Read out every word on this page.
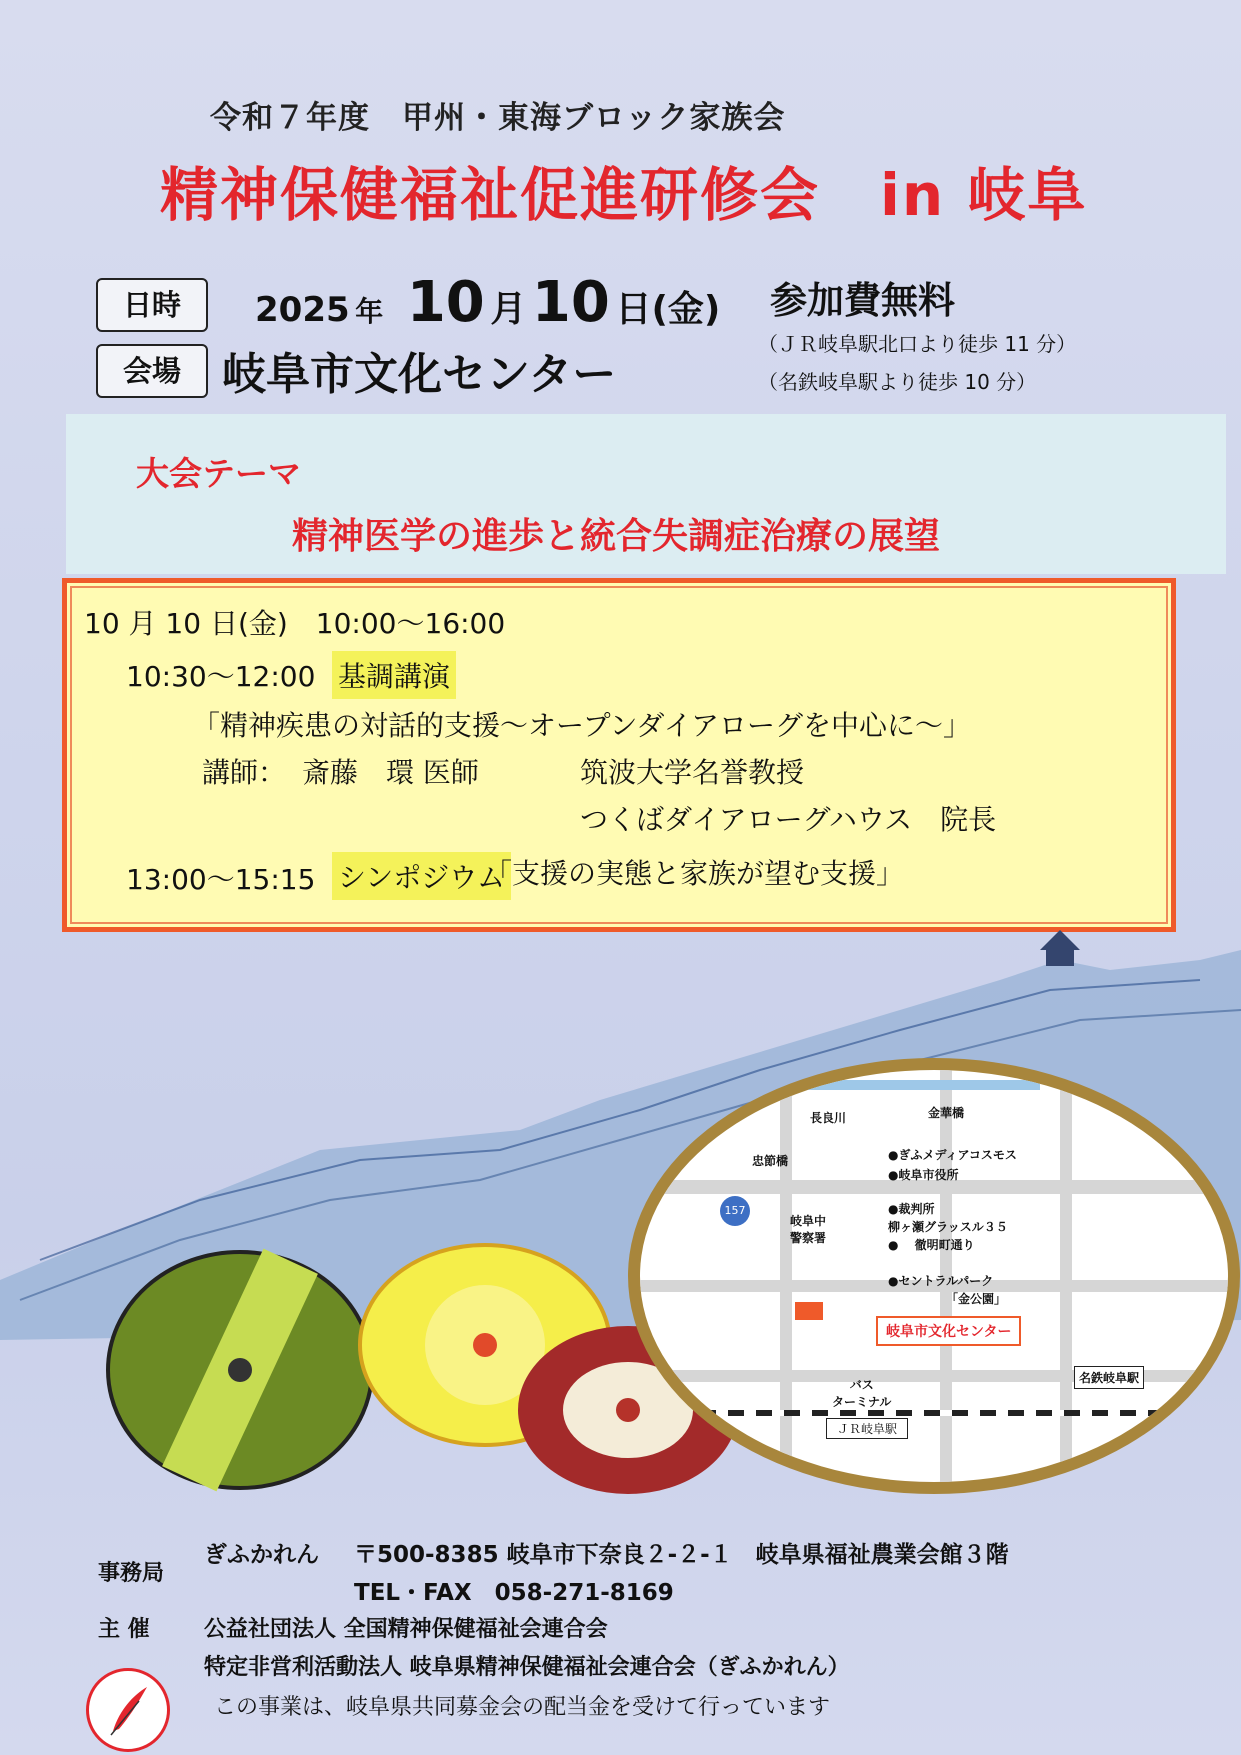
令和７年度　甲州・東海ブロック家族会
精神保健福祉促進研修会　in 岐阜
日時	2025 年 10 月 10 日(金) 参加費無料
会場 岐阜市文化センター
（ＪＲ岐阜駅北口より徒歩 11 分）
（名鉄岐阜駅より徒歩 10 分）
大会テーマ
精神医学の進歩と統合失調症治療の展望
10 月 10 日(金)　10:00～16:00
10:30～12:00 基調講演
「精神疾患の対話的支援～オープンダイアローグを中心に～」
講師： 斎藤　環 医師	筑波大学名誉教授
つくばダイアローグハウス　院長
13:00～15:15 シンポジウム
「支援の実態と家族が望む支援」
長良川	金華橋
忠節橋
157
岐阜中
警察署
●ぎふメディアコスモス
●岐阜市役所
●裁判所
柳ヶ瀬グラッスル３５
●　 徹明町通り
●セントラルパーク
「金公園」
岐阜市文化センター
名鉄岐阜駅
バス
ターミナル
ＪＲ岐阜駅
事務局
ぎふかれん 〒500-8385 岐阜市下奈良２-２-１　岐阜県福祉農業会館３階
TEL・FAX　058-271-8169
主 催 公益社団法人 全国精神保健福祉会連合会
特定非営利活動法人 岐阜県精神保健福祉会連合会（ぎふかれん）
この事業は、岐阜県共同募金会の配当金を受けて行っています
